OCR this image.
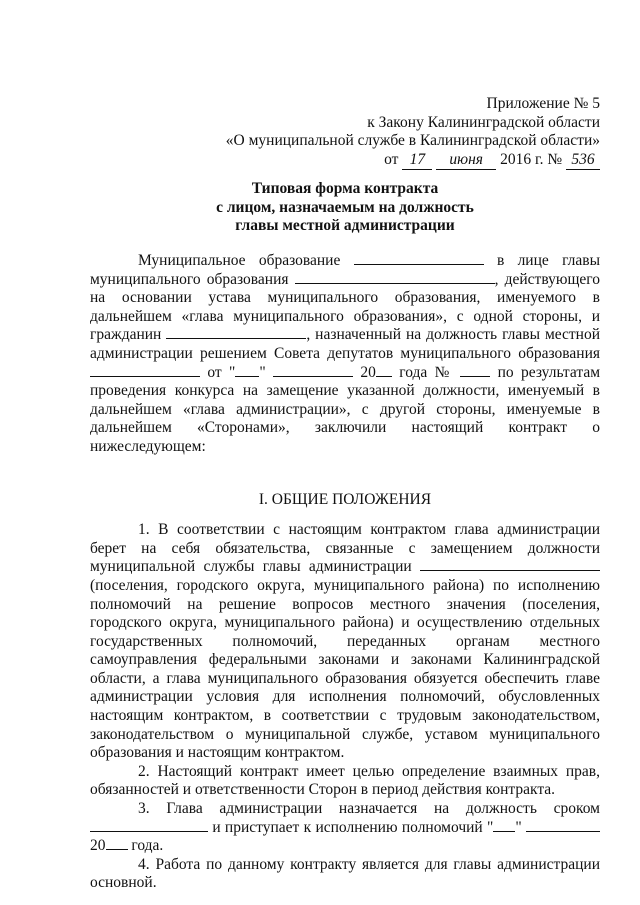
Приложение № 5
к Закону Калининградской области
«О муниципальной службе в Калининградской области»
от 17 июня 2016 г. № 536
Типовая форма контракта
с лицом, назначаемым на должность
главы местной администрации

Муниципальное образование	в лице главы муниципального образования	, действующего на основании устава муниципального образования, именуемого в дальнейшем «глава муниципального образования», с одной стороны, и гражданин	, назначенный на должность главы местной администрации решением Совета депутатов муниципального образования  от " "	20 года №	по результатам проведения конкурса на замещение указанной должности, именуемый в дальнейшем «глава администрации», с другой стороны, именуемые в дальнейшем «Сторонами», заключили настоящий контракт о нижеследующем:

I. ОБЩИЕ ПОЛОЖЕНИЯ

1. В соответствии с настоящим контрактом глава администрации берет на себя обязательства, связанные с замещением должности муниципальной службы главы администрации  (поселения, городского округа, муниципального района) по исполнению полномочий на решение вопросов местного значения (поселения, городского округа, муниципального района) и осуществлению отдельных государственных полномочий, переданных органам местного самоуправления федеральными законами и законами Калининградской области, а глава муниципального образования обязуется обеспечить главе администрации условия для исполнения полномочий, обусловленных настоящим контрактом, в соответствии с трудовым законодательством, законодательством о муниципальной службе, уставом муниципального образования и настоящим контрактом.

2. Настоящий контракт имеет целью определение взаимных прав, обязанностей и ответственности Сторон в период действия контракта.

3. Глава администрации назначается на должность сроком  и приступает к исполнению полномочий " "  20 года.

4. Работа по данному контракту является для главы администрации основной.
